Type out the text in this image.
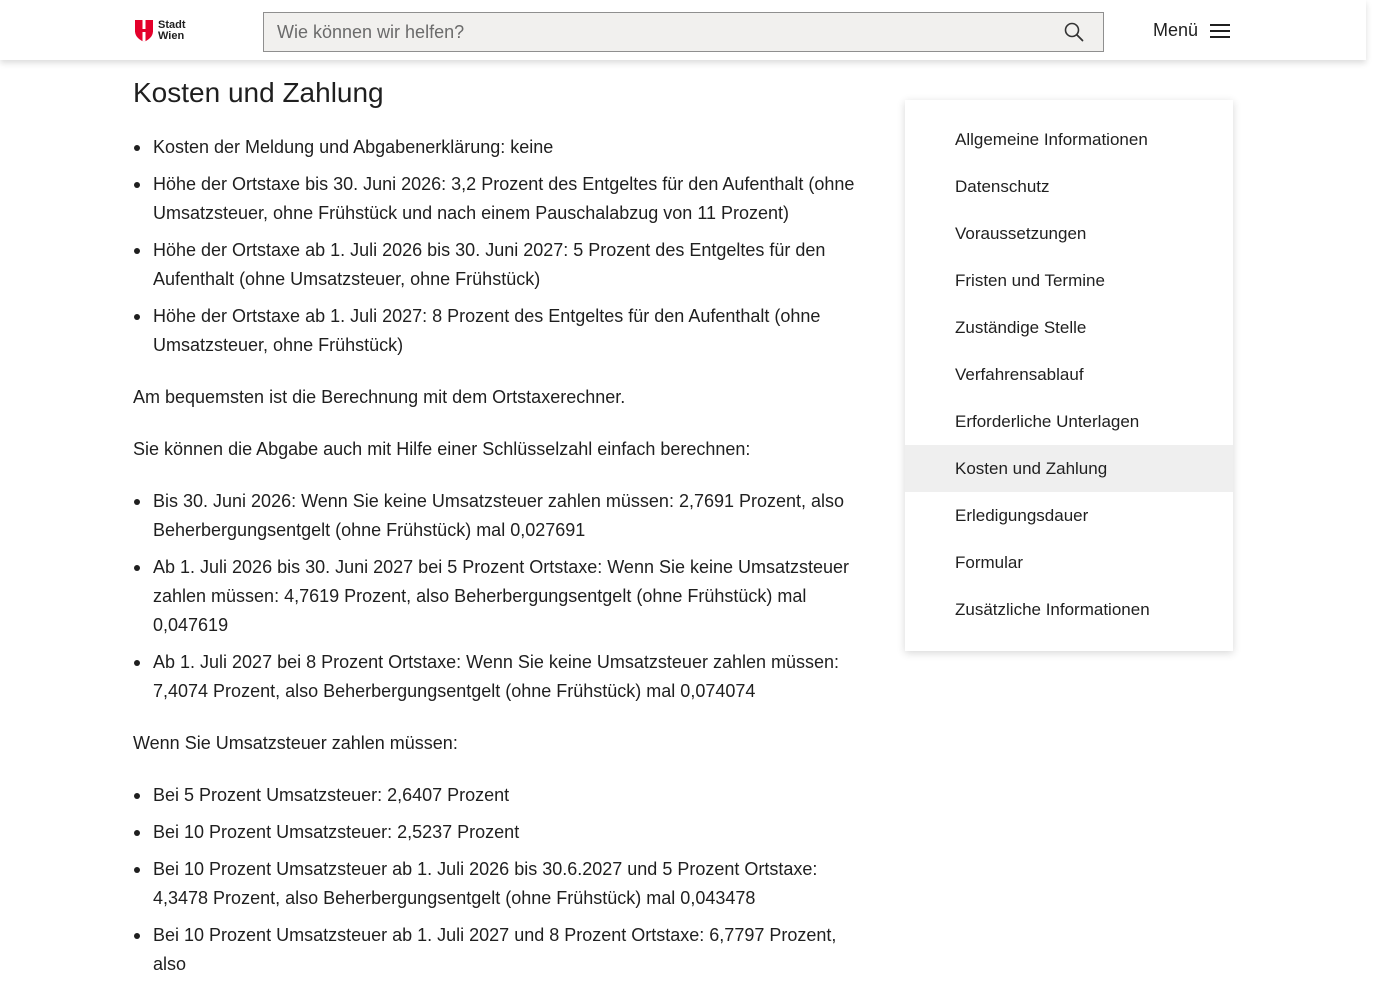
Stadt
Wien
Wie können wir helfen?	Menü
Kosten und Zahlung
Kosten der Meldung und Abgabenerklärung: keine
Höhe der Ortstaxe bis 30. Juni 2026: 3,2 Prozent des Entgeltes für den Aufenthalt (ohne Umsatzsteuer, ohne Frühstück und nach einem Pauschalabzug von 11 Prozent)
Höhe der Ortstaxe ab 1. Juli 2026 bis 30. Juni 2027: 5 Prozent des Entgeltes für den Aufenthalt (ohne Umsatzsteuer, ohne Frühstück)
Höhe der Ortstaxe ab 1. Juli 2027: 8 Prozent des Entgeltes für den Aufenthalt (ohne Umsatzsteuer, ohne Frühstück)

Am bequemsten ist die Berechnung mit dem Ortstaxerechner.

Sie können die Abgabe auch mit Hilfe einer Schlüsselzahl einfach berechnen:

Bis 30. Juni 2026: Wenn Sie keine Umsatzsteuer zahlen müssen: 2,7691 Prozent, also Beherbergungsentgelt (ohne Frühstück) mal 0,027691
Ab 1. Juli 2026 bis 30. Juni 2027 bei 5 Prozent Ortstaxe: Wenn Sie keine Umsatzsteuer zahlen müssen: 4,7619 Prozent, also Beherbergungsentgelt (ohne Frühstück) mal 0,047619
Ab 1. Juli 2027 bei 8 Prozent Ortstaxe: Wenn Sie keine Umsatzsteuer zahlen müssen: 7,4074 Prozent, also Beherbergungsentgelt (ohne Frühstück) mal 0,074074

Wenn Sie Umsatzsteuer zahlen müssen:

Bei 5 Prozent Umsatzsteuer: 2,6407 Prozent
Bei 10 Prozent Umsatzsteuer: 2,5237 Prozent
Bei 10 Prozent Umsatzsteuer ab 1. Juli 2026 bis 30.6.2027 und 5 Prozent Ortstaxe: 4,3478 Prozent, also Beherbergungsentgelt (ohne Frühstück) mal 0,043478
Bei 10 Prozent Umsatzsteuer ab 1. Juli 2027 und 8 Prozent Ortstaxe: 6,7797 Prozent, also
Allgemeine Informationen
Datenschutz
Voraussetzungen
Fristen und Termine
Zuständige Stelle
Verfahrensablauf
Erforderliche Unterlagen
Kosten und Zahlung
Erledigungsdauer
Formular
Zusätzliche Informationen
